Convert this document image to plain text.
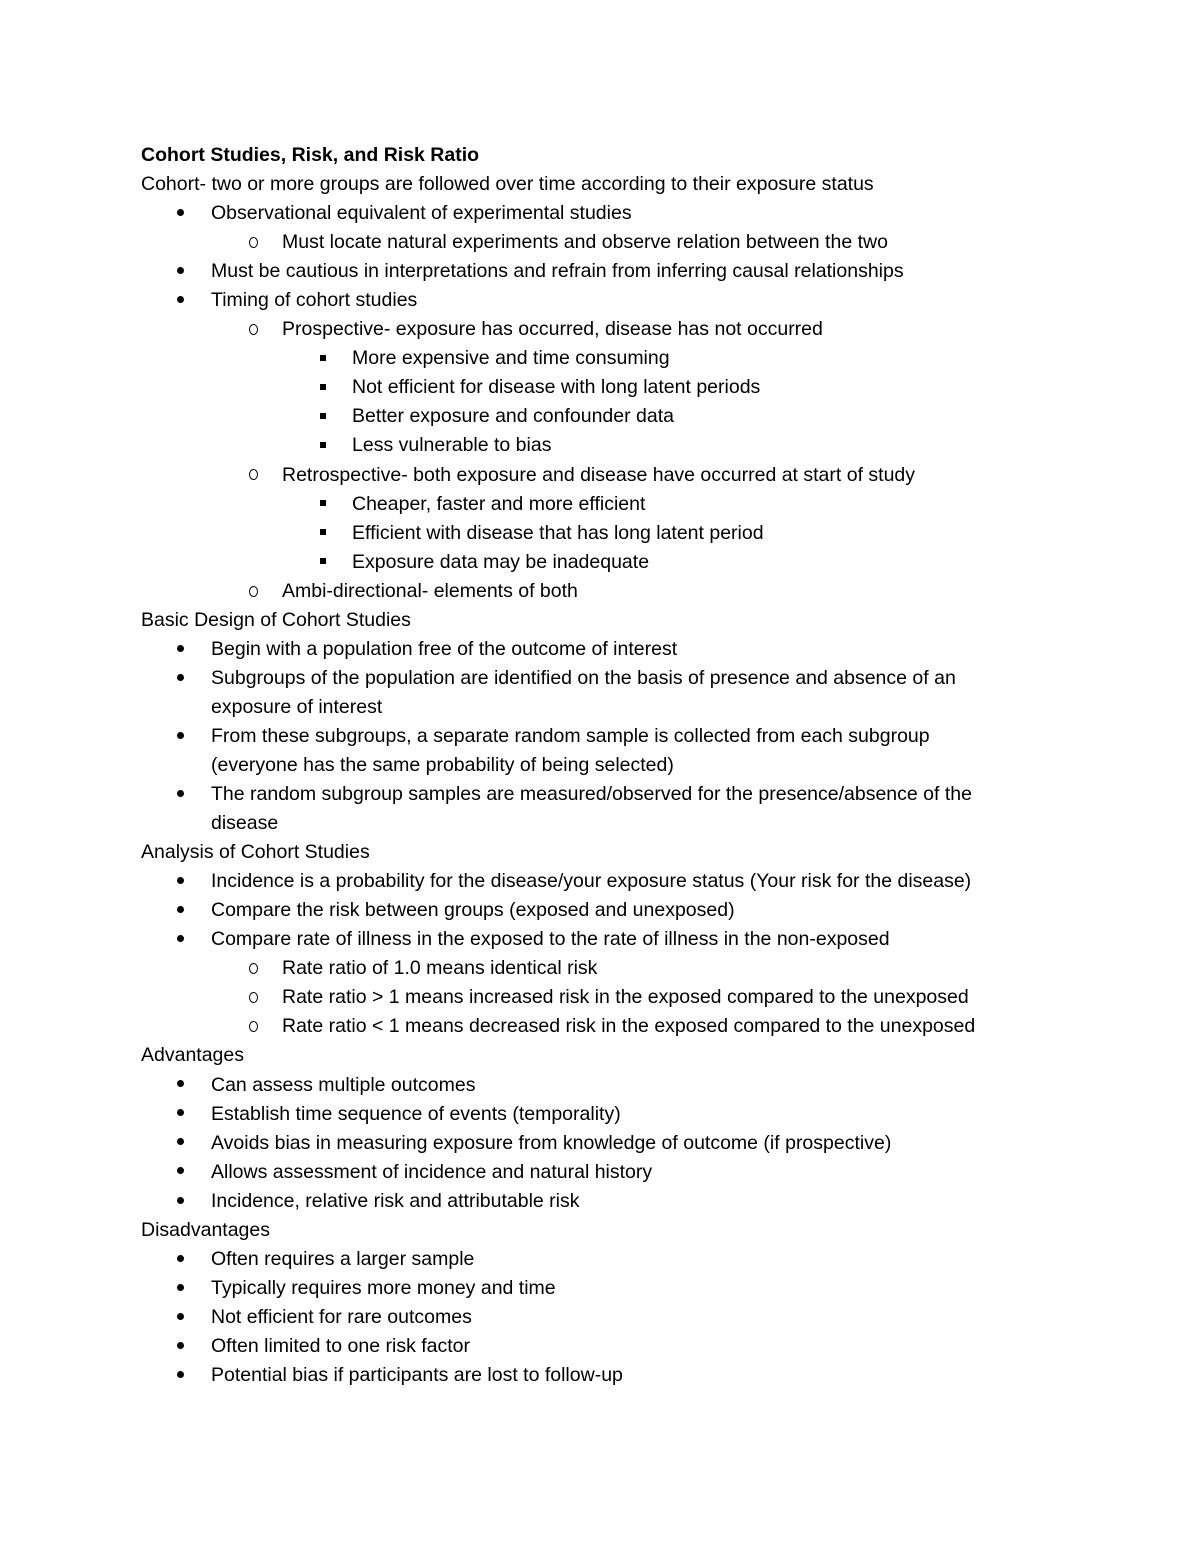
Cohort Studies, Risk, and Risk Ratio
Cohort- two or more groups are followed over time according to their exposure status
Observational equivalent of experimental studies
Must locate natural experiments and observe relation between the two
Must be cautious in interpretations and refrain from inferring causal relationships
Timing of cohort studies
Prospective- exposure has occurred, disease has not occurred
More expensive and time consuming
Not efficient for disease with long latent periods
Better exposure and confounder data
Less vulnerable to bias
Retrospective- both exposure and disease have occurred at start of study
Cheaper, faster and more efficient
Efficient with disease that has long latent period
Exposure data may be inadequate
Ambi-directional- elements of both
Basic Design of Cohort Studies
Begin with a population free of the outcome of interest
Subgroups of the population are identified on the basis of presence and absence of an
exposure of interest
From these subgroups, a separate random sample is collected from each subgroup
(everyone has the same probability of being selected)
The random subgroup samples are measured/observed for the presence/absence of the
disease
Analysis of Cohort Studies
Incidence is a probability for the disease/your exposure status (Your risk for the disease)
Compare the risk between groups (exposed and unexposed)
Compare rate of illness in the exposed to the rate of illness in the non-exposed
Rate ratio of 1.0 means identical risk
Rate ratio > 1 means increased risk in the exposed compared to the unexposed
Rate ratio < 1 means decreased risk in the exposed compared to the unexposed
Advantages
Can assess multiple outcomes
Establish time sequence of events (temporality)
Avoids bias in measuring exposure from knowledge of outcome (if prospective)
Allows assessment of incidence and natural history
Incidence, relative risk and attributable risk
Disadvantages
Often requires a larger sample
Typically requires more money and time
Not efficient for rare outcomes
Often limited to one risk factor
Potential bias if participants are lost to follow-up
